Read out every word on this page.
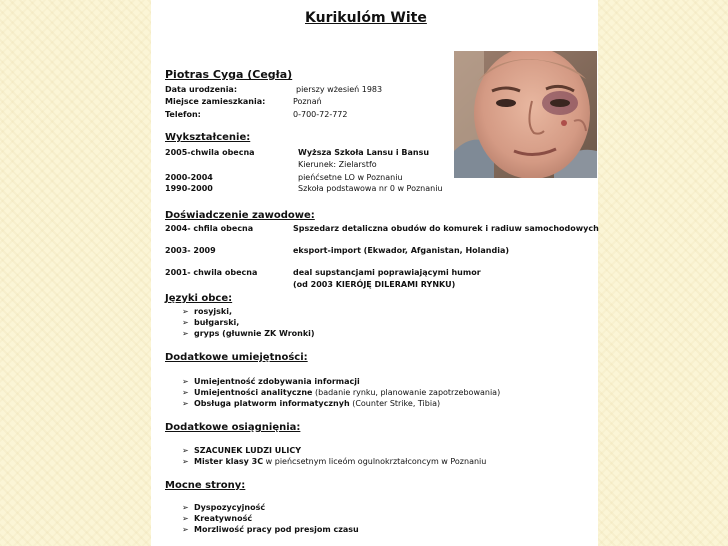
Kurikulóm Wite
Piotras Cyga (Cegła)
Data urodzenia:	pierszy wżesień 1983
Miejsce zamieszkania:	Poznań
Telefon:	0-700-72-772
Wykształcenie:
2005-chwila obecna	Wyższa Szkoła Lansu i Bansu
Kierunek: Zielarstfo
2000-2004	pieńćsetne LO w Poznaniu
1990-2000	Szkoła podstawowa nr 0 w Poznaniu
Doświadczenie zawodowe:
2004- chfila obecna	Spszedarz detaliczna obudów do komurek i radiuw samochodowych
2003- 2009	eksport-import (Ekwador, Afganistan, Holandia)
2001- chwila obecna	deal supstancjami poprawiającymi humor
(od 2003 KIERÓJĘ DILERAMI RYNKU)
Języki obce:
➢ rosyjski,
➢ bułgarski,
➢ gryps (głuwnie ZK Wronki)
Dodatkowe umiejętności:
➢ Umiejentność zdobywania informacji
➢ Umiejentności analityczne (badanie rynku, planowanie zapotrzebowania)
➢ Obsługa platworm informatycznyh (Counter Strike, Tibia)
Dodatkowe osiągnięnia:
➢ SZACUNEK LUDZI ULICY
➢ Mister klasy 3C w pieńcsetnym liceóm ogulnokrztałconcym w Poznaniu
Mocne strony:
➢ Dyspozycyjność
➢ Kreatywność
➢ Morzliwość pracy pod presjom czasu
